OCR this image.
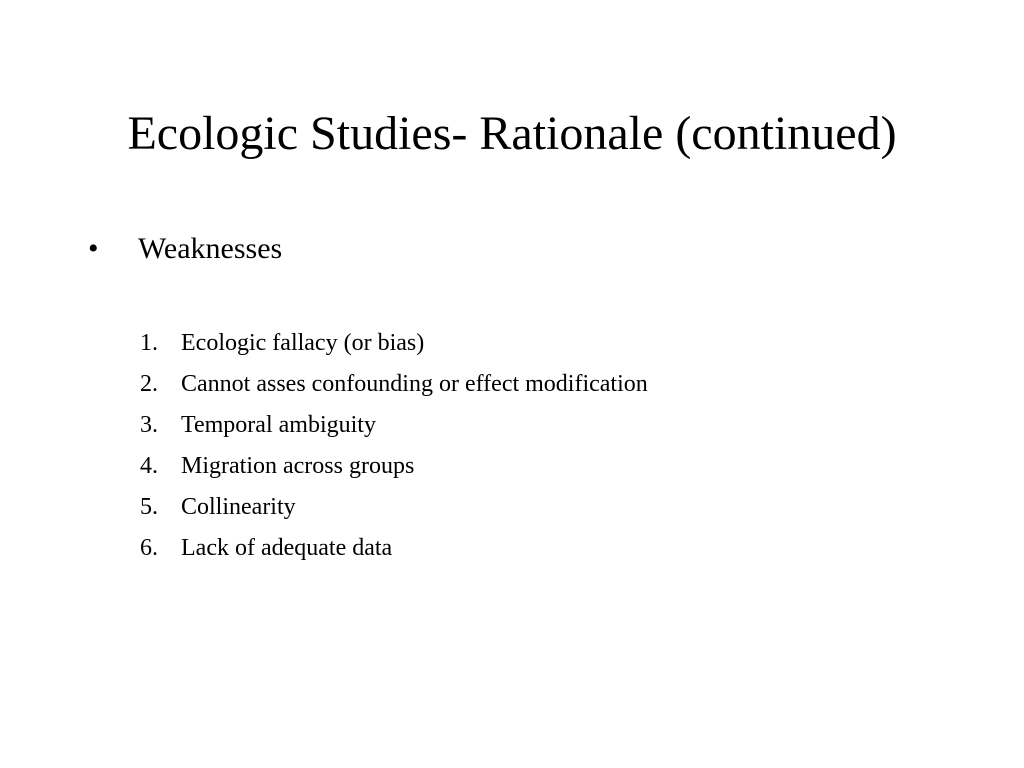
Ecologic Studies- Rationale (continued)
• Weaknesses
1. Ecologic fallacy (or bias)
2. Cannot asses confounding or effect modification
3. Temporal ambiguity
4. Migration across groups
5. Collinearity
6. Lack of adequate data
